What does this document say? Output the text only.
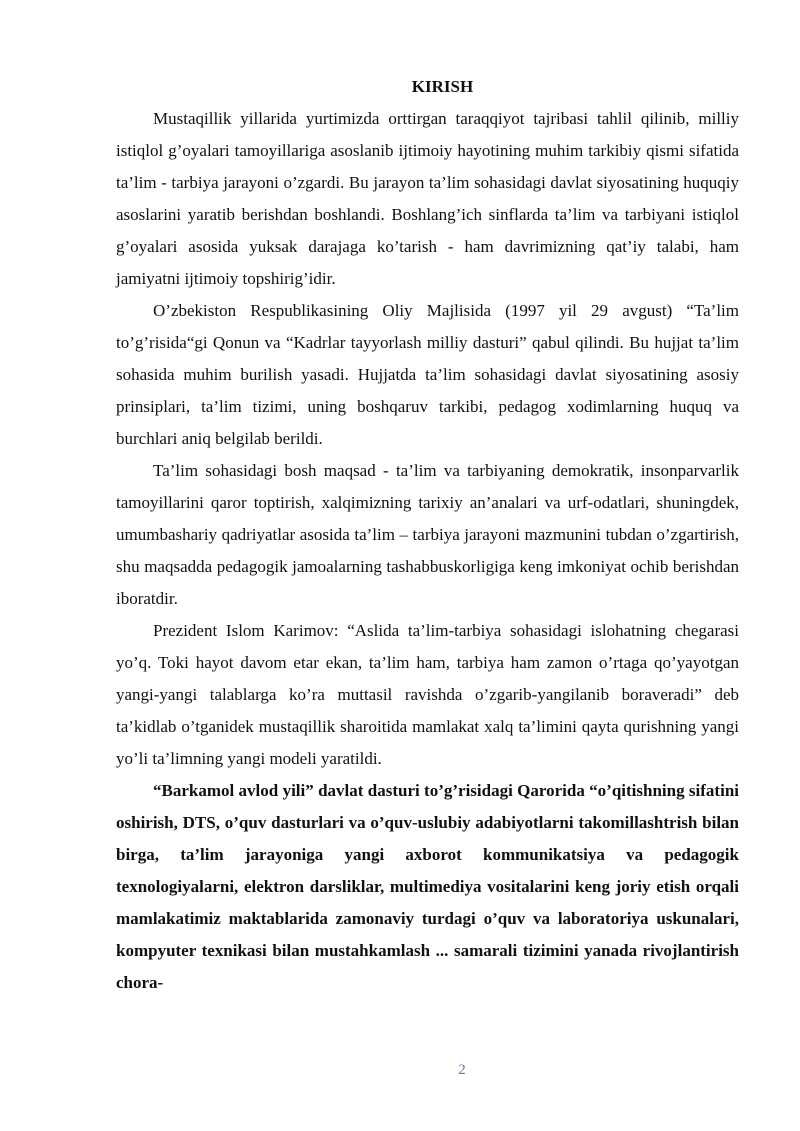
KIRISH

Mustaqillik yillarida yurtimizda orttirgan taraqqiyot tajribasi tahlil qilinib, milliy istiqlol g’oyalari tamoyillariga asoslanib ijtimoiy hayotining muhim tarkibiy qismi sifatida ta’lim - tarbiya jarayoni o’zgardi. Bu jarayon ta’lim sohasidagi davlat siyosatining huquqiy asoslarini yaratib berishdan boshlandi. Boshlang’ich sinflarda ta’lim va tarbiyani istiqlol g’oyalari asosida yuksak darajaga ko’tarish - ham davrimizning qat’iy talabi, ham jamiyatni ijtimoiy topshirig’idir.

O’zbekiston Respublikasining Oliy Majlisida (1997 yil 29 avgust) “Ta’lim to’g’risida“gi Qonun va “Kadrlar tayyorlash milliy dasturi” qabul qilindi. Bu hujjat ta’lim sohasida muhim burilish yasadi. Hujjatda ta’lim sohasidagi davlat siyosatining asosiy prinsiplari, ta’lim tizimi, uning boshqaruv tarkibi, pedagog xodimlarning huquq va burchlari aniq belgilab berildi.

Ta’lim sohasidagi bosh maqsad - ta’lim va tarbiyaning demokratik, insonparvarlik tamoyillarini qaror toptirish, xalqimizning tarixiy an’analari va urf-odatlari, shuningdek, umumbashariy qadriyatlar asosida ta’lim – tarbiya jarayoni mazmunini tubdan o’zgartirish, shu maqsadda pedagogik jamoalarning tashabbuskorligiga keng imkoniyat ochib berishdan iboratdir.

Prezident Islom Karimov: “Aslida ta’lim-tarbiya sohasidagi islohatning chegarasi yo’q. Toki hayot davom etar ekan, ta’lim ham, tarbiya ham zamon o’rtaga qo’yayotgan yangi-yangi talablarga ko’ra muttasil ravishda o’zgarib-yangilanib boraveradi” deb ta’kidlab o’tganidek mustaqillik sharoitida mamlakat xalq ta’limini qayta qurishning yangi yo’li ta’limning yangi modeli yaratildi.

“Barkamol avlod yili” davlat dasturi to’g’risidagi Qarorida “o’qitishning sifatini oshirish, DTS, o’quv dasturlari va o’quv-uslubiy adabiyotlarni takomillashtrish bilan birga, ta’lim jarayoniga yangi axborot kommunikatsiya va pedagogik texnologiyalarni, elektron darsliklar, multimediya vositalarini keng joriy etish orqali mamlakatimiz maktablarida zamonaviy turdagi o’quv va laboratoriya uskunalari, kompyuter texnikasi bilan mustahkamlash ... samarali tizimini yanada rivojlantirish chora-

2
